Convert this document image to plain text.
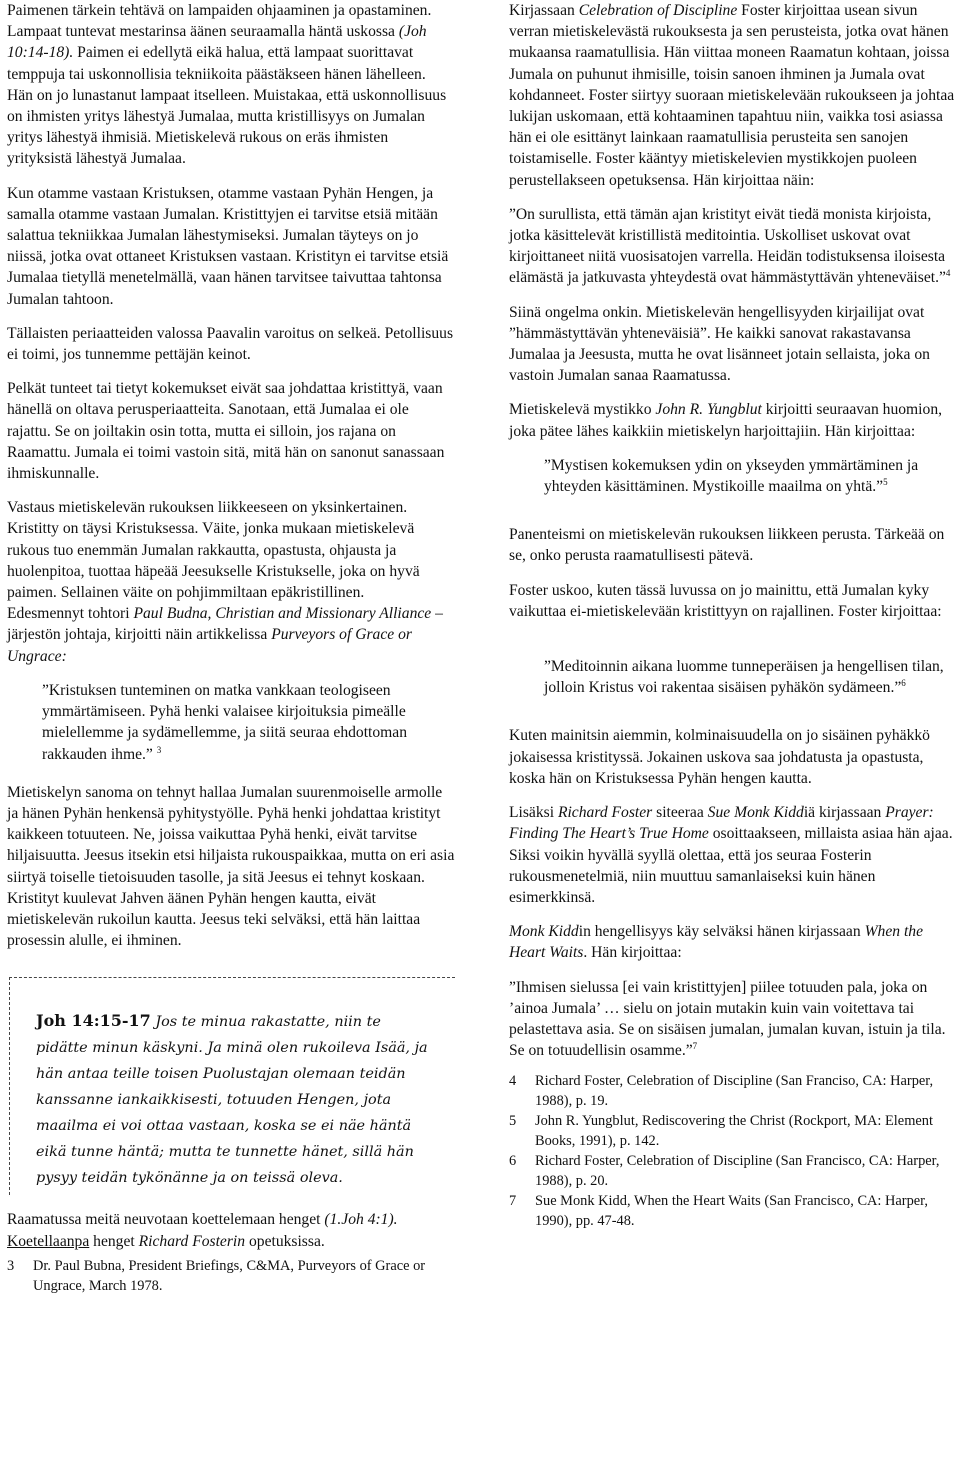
Paimenen tärkein tehtävä on lampaiden ohjaaminen ja opastaminen. Lampaat tuntevat mestarinsa äänen seuraamalla häntä uskossa (Joh 10:14-18). Paimen ei edellytä eikä halua, että lampaat suorittavat temppuja tai uskonnollisia tekniikoita päästäkseen hänen lähelleen. Hän on jo lunastanut lampaat itselleen. Muistakaa, että uskonnollisuus on ihmisten yritys lähestyä Jumalaa, mutta kristillisyys on Jumalan yritys lähestyä ihmisiä. Mietiskelevä rukous on eräs ihmisten yrityksistä lähestyä Jumalaa.

Kun otamme vastaan Kristuksen, otamme vastaan Pyhän Hengen, ja samalla otamme vastaan Jumalan. Kristittyjen ei tarvitse etsiä mitään salattua tekniikkaa Jumalan lähestymiseksi. Jumalan täyteys on jo niissä, jotka ovat ottaneet Kristuksen vastaan. Kristityn ei tarvitse etsiä Jumalaa tietyllä menetelmällä, vaan hänen tarvitsee taivuttaa tahtonsa Jumalan tahtoon.

Tällaisten periaatteiden valossa Paavalin varoitus on selkeä. Petollisuus ei toimi, jos tunnemme pettäjän keinot.

Pelkät tunteet tai tietyt kokemukset eivät saa johdattaa kristittyä, vaan hänellä on oltava perusperiaatteita. Sanotaan, että Jumalaa ei ole rajattu. Se on joiltakin osin totta, mutta ei silloin, jos rajana on Raamattu. Jumala ei toimi vastoin sitä, mitä hän on sanonut sanassaan ihmiskunnalle.

Vastaus mietiskelevän rukouksen liikkeeseen on yksinkertainen. Kristitty on täysi Kristuksessa. Väite, jonka mukaan mietiskelevä rukous tuo enemmän Jumalan rakkautta, opastusta, ohjausta ja huolenpitoa, tuottaa häpeää Jeesukselle Kristukselle, joka on hyvä paimen. Sellainen väite on pohjimmiltaan epäkristillinen.

Edesmennyt tohtori Paul Budna, Christian and Missionary Alliance –järjestön johtaja, kirjoitti näin artikkelissa Purveyors of Grace or Ungrace:

”Kristuksen tunteminen on matka vankkaan teologiseen ymmärtämiseen. Pyhä henki valaisee kirjoituksia pimeälle mielellemme ja sydämellemme, ja siitä seuraa ehdottoman rakkauden ihme.” $^3$

Mietiskelyn sanoma on tehnyt hallaa Jumalan suurenmoiselle armolle ja hänen Pyhän henkensä pyhitystyölle. Pyhä henki johdattaa kristityt kaikkeen totuuteen. Ne, joissa vaikuttaa Pyhä henki, eivät tarvitse hiljaisuutta. Jeesus itsekin etsi hiljaista rukouspaikkaa, mutta on eri asia siirtyä toiselle tietoisuuden tasolle, ja sitä Jeesus ei tehnyt koskaan. Kristityt kuulevat Jahven äänen Pyhän hengen kautta, eivät mietiskelevän rukoilun kautta. Jeesus teki selväksi, että hän laittaa prosessin alulle, ei ihminen.

Joh 14:15-17 Jos te minua rakastatte, niin te pidätte minun käskyni. Ja minä olen rukoileva Isää, ja hän antaa teille toisen Puolustajan olemaan teidän kanssanne iankaikkisesti, totuuden Hengen, jota maailma ei voi ottaa vastaan, koska se ei näe häntä eikä tunne häntä; mutta te tunnette hänet, sillä hän pysyy teidän tykönänne ja on teissä oleva.

Raamatussa meitä neuvotaan koettelemaan henget (1.Joh 4:1). Koetellaanpa henget Richard Fosterin opetuksissa.

3	Dr. Paul Bubna, President Briefings, C&MA, Purveyors of Grace or Ungrace, March 1978.

Kirjassaan Celebration of Discipline Foster kirjoittaa usean sivun verran mietiskelevästä rukouksesta ja sen perusteista, jotka ovat hänen mukaansa raamatullisia. Hän viittaa moneen Raamatun kohtaan, joissa Jumala on puhunut ihmisille, toisin sanoen ihminen ja Jumala ovat kohdanneet. Foster siirtyy suoraan mietiskelevään rukoukseen ja johtaa lukijan uskomaan, että kohtaaminen tapahtuu niin, vaikka tosi asiassa hän ei ole esittänyt lainkaan raamatullisia perusteita sen sanojen toistamiselle. Foster kääntyy mietiskelevien mystikkojen puoleen perustellakseen opetuksensa. Hän kirjoittaa näin:

”On surullista, että tämän ajan kristityt eivät tiedä monista kirjoista, jotka käsittelevät kristillistä meditointia. Uskolliset uskovat ovat kirjoittaneet niitä vuosisatojen varrella. Heidän todistuksensa iloisesta elämästä ja jatkuvasta yhteydestä ovat hämmästyttävän yhteneväiset.”$^4$

Siinä ongelma onkin. Mietiskelevän hengellisyyden kirjailijat ovat ”hämmästyttävän yhteneväisiä”. He kaikki sanovat rakastavansa Jumalaa ja Jeesusta, mutta he ovat lisänneet jotain sellaista, joka on vastoin Jumalan sanaa Raamatussa.

Mietiskelevä mystikko John R. Yungblut kirjoitti seuraavan huomion, joka pätee lähes kaikkiin mietiskelyn harjoittajiin. Hän kirjoittaa:

”Mystisen kokemuksen ydin on ykseyden ymmärtäminen ja yhteyden käsittäminen. Mystikoille maailma on yhtä.”$^5$

Panenteismi on mietiskelevän rukouksen liikkeen perusta. Tärkeää on se, onko perusta raamatullisesti pätevä.

Foster uskoo, kuten tässä luvussa on jo mainittu, että Jumalan kyky vaikuttaa ei-mietiskelevään kristittyyn on rajallinen. Foster kirjoittaa:

”Meditoinnin aikana luomme tunneperäisen ja hengellisen tilan, jolloin Kristus voi rakentaa sisäisen pyhäkön sydämeen.”$^6$

Kuten mainitsin aiemmin, kolminaisuudella on jo sisäinen pyhäkkö jokaisessa kristityssä. Jokainen uskova saa johdatusta ja opastusta, koska hän on Kristuksessa Pyhän hengen kautta.

Lisäksi Richard Foster siteeraa Sue Monk Kiddiä kirjassaan Prayer: Finding The Heart’s True Home osoittaakseen, millaista asiaa hän ajaa. Siksi voikin hyvällä syyllä olettaa, että jos seuraa Fosterin rukousmenetelmiä, niin muuttuu samanlaiseksi kuin hänen esimerkkinsä.

Monk Kiddin hengellisyys käy selväksi hänen kirjassaan When the Heart Waits. Hän kirjoittaa:

”Ihmisen sielussa [ei vain kristittyjen] piilee totuuden pala, joka on ’ainoa Jumala’ … sielu on jotain mutakin kuin vain voitettava tai pelastettava asia. Se on sisäisen jumalan, jumalan kuvan, istuin ja tila. Se on totuudellisin osamme.”$^7$

4	Richard Foster, Celebration of Discipline (San Franciso, CA: Harper, 1988), p. 19.
5	John R. Yungblut, Rediscovering the Christ (Rockport, MA: Element Books, 1991), p. 142.
6	Richard Foster, Celebration of Discipline (San Francisco, CA: Harper, 1988), p. 20.
7	Sue Monk Kidd, When the Heart Waits (San Francisco, CA: Harper, 1990), pp. 47-48.
